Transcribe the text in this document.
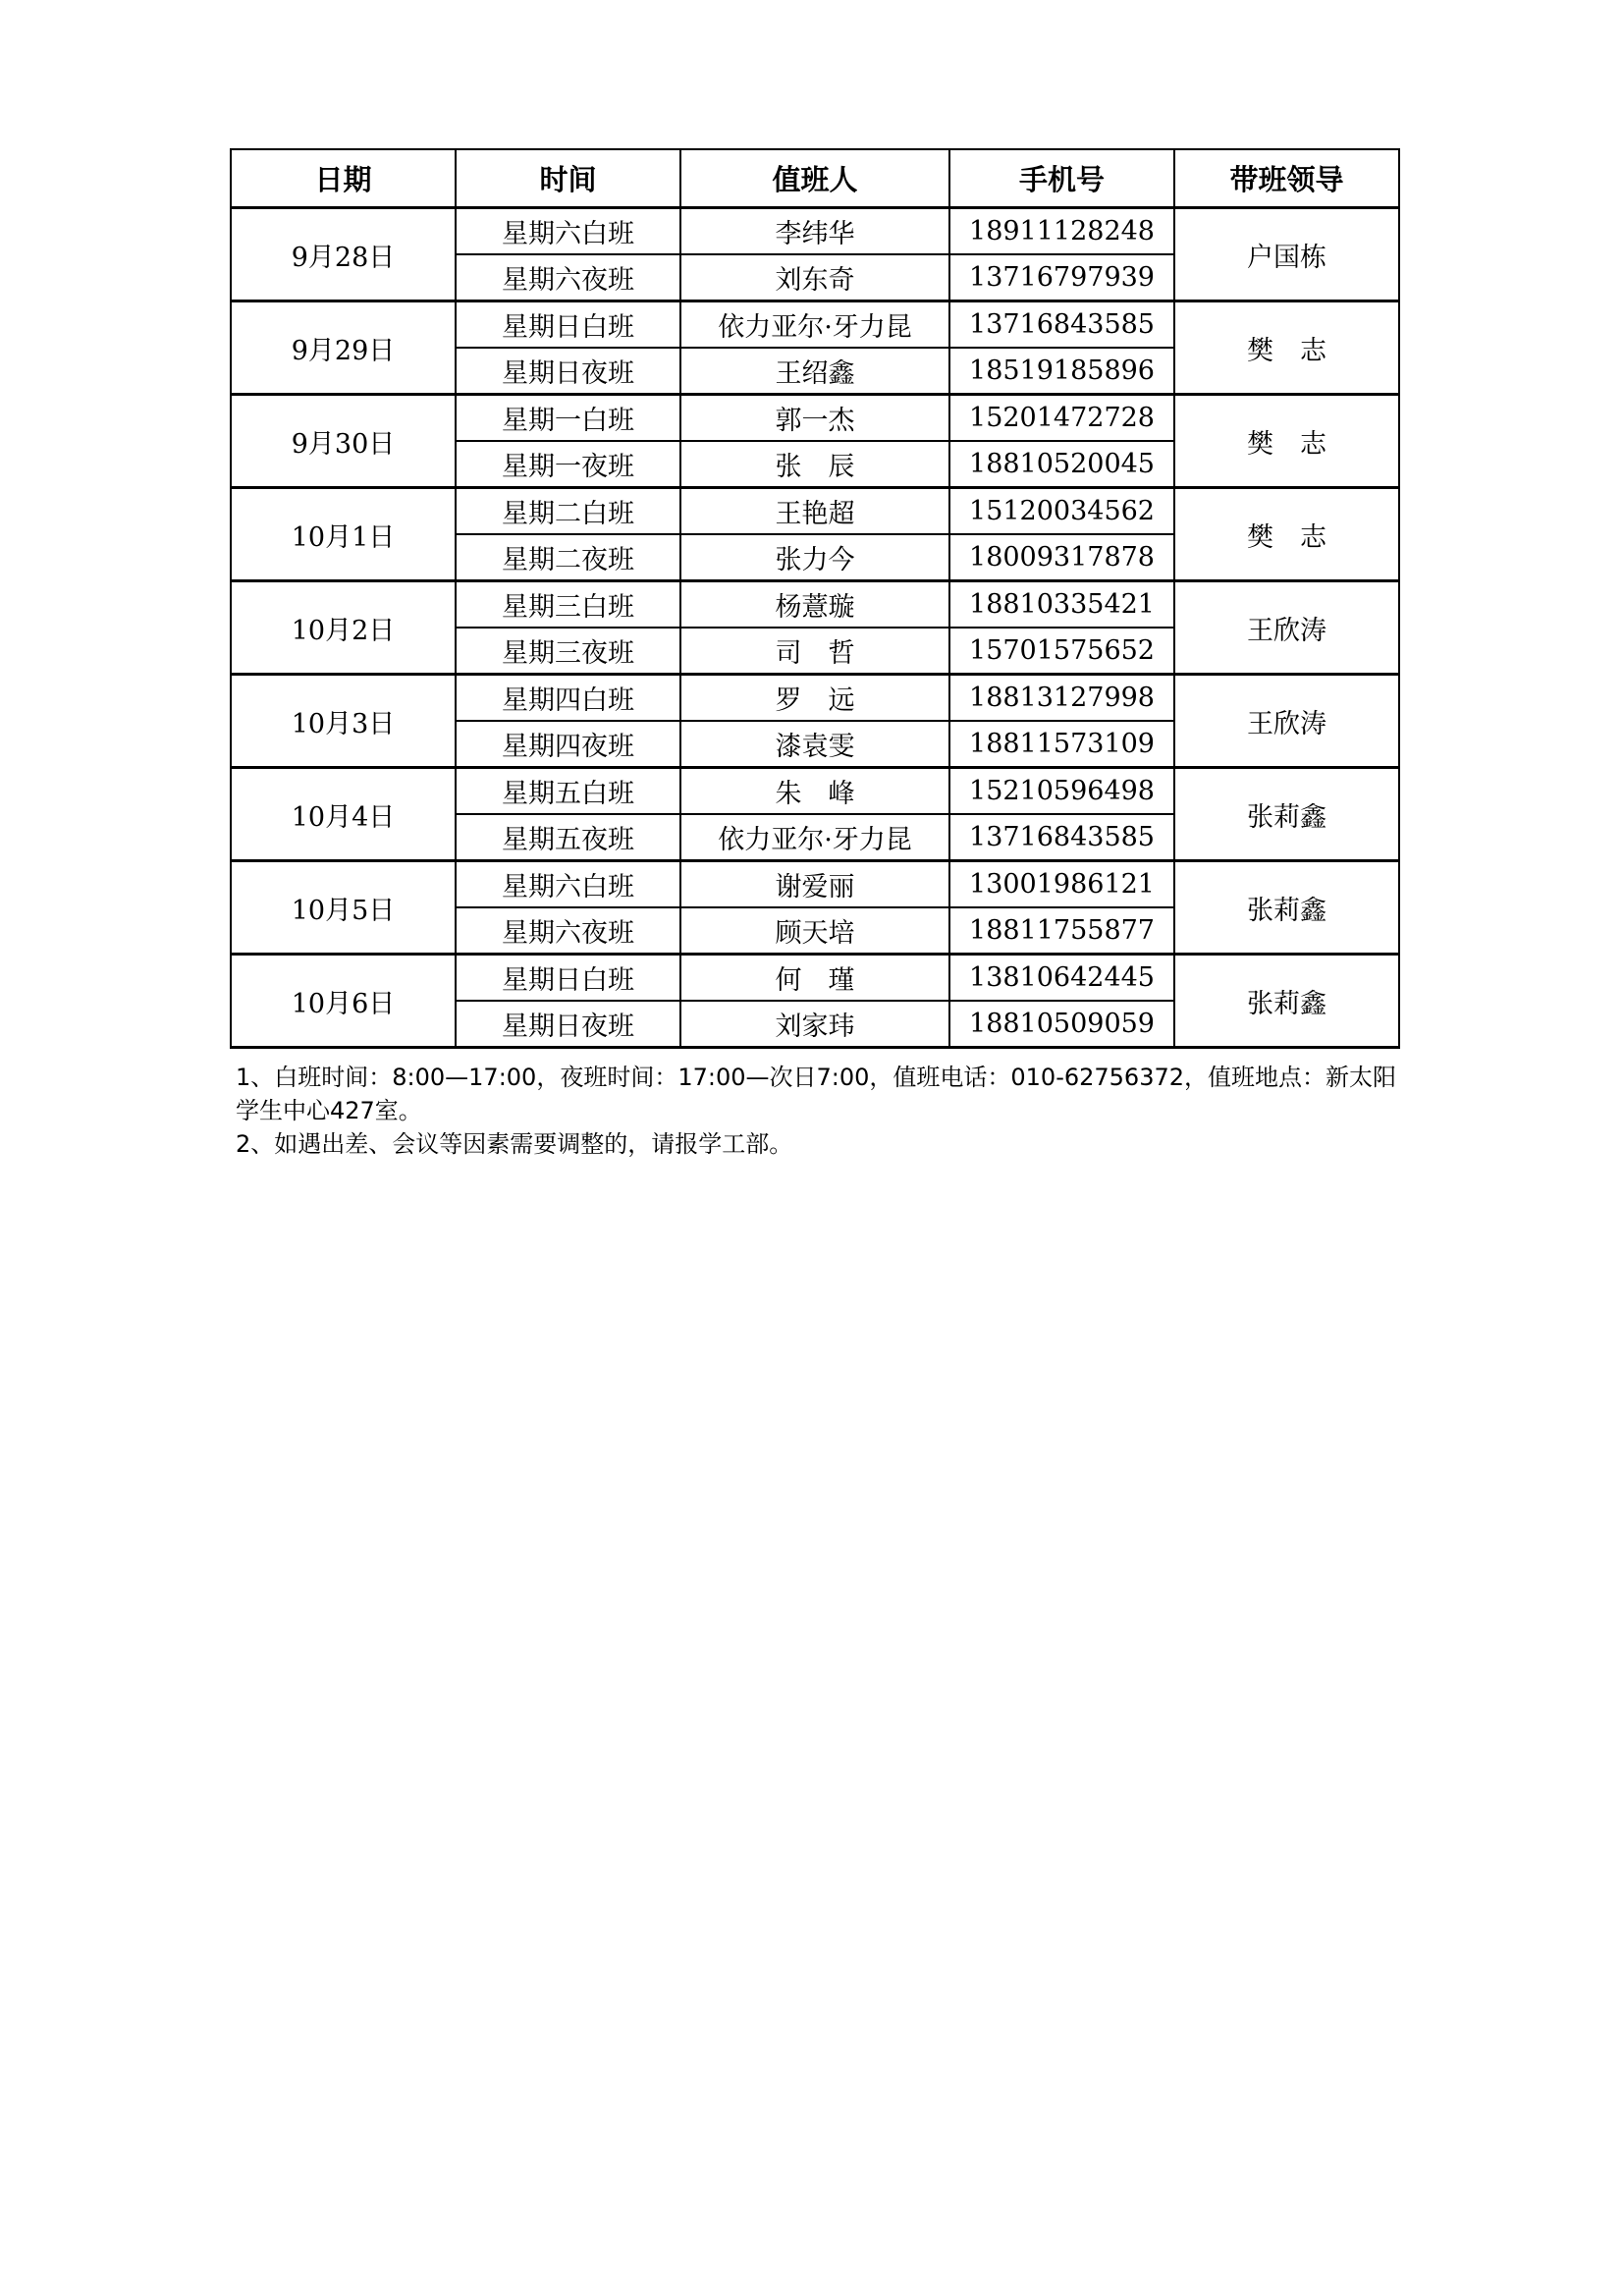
日期	时间	值班人	手机号	带班领导
9月28日	星期六白班	李纬华	18911128248	户国栋
	星期六夜班	刘东奇	13716797939	
9月29日	星期日白班	依力亚尔·牙力昆	13716843585	樊　志
	星期日夜班	王绍鑫	18519185896	
9月30日	星期一白班	郭一杰	15201472728	樊　志
	星期一夜班	张　辰	18810520045	
10月1日	星期二白班	王艳超	15120034562	樊　志
	星期二夜班	张力今	18009317878	
10月2日	星期三白班	杨薏璇	18810335421	王欣涛
	星期三夜班	司　哲	15701575652	
10月3日	星期四白班	罗　远	18813127998	王欣涛
	星期四夜班	漆袁雯	18811573109	
10月4日	星期五白班	朱　峰	15210596498	张莉鑫
	星期五夜班	依力亚尔·牙力昆	13716843585	
10月5日	星期六白班	谢爱丽	13001986121	张莉鑫
	星期六夜班	顾天培	18811755877	
10月6日	星期日白班	何　瑾	13810642445	张莉鑫
	星期日夜班	刘家玮	18810509059	

1、白班时间：8:00—17:00，夜班时间：17:00—次日7:00，值班电话：010-62756372，值班地点：新太阳学生中心427室。

2、如遇出差、会议等因素需要调整的，请报学工部。
